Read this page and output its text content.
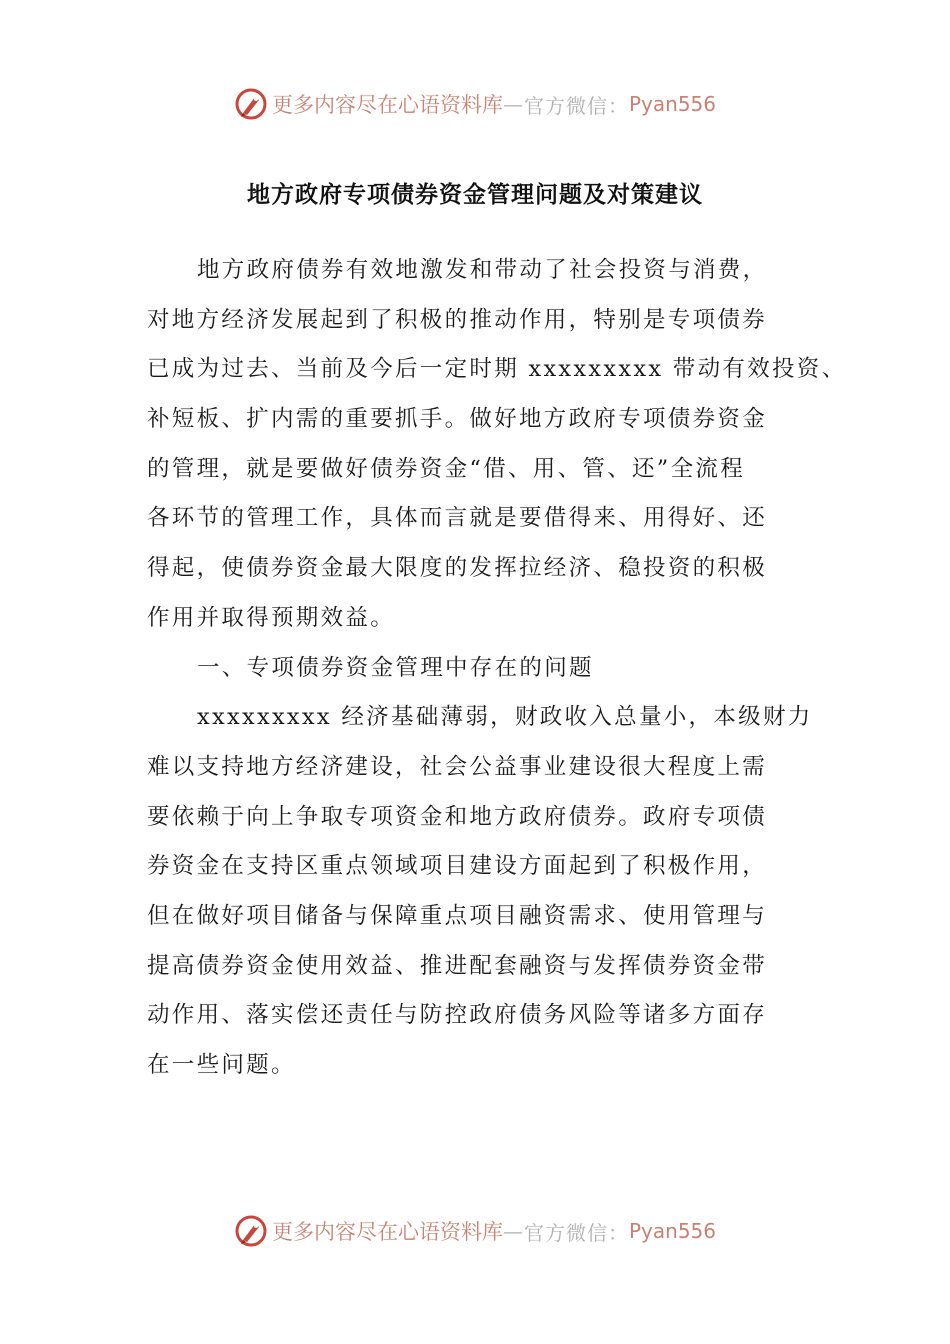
更多内容尽在心语资料库 — 官方微信： Pyan556
地方政府专项债券资金管理问题及对策建议
地方政府债券有效地激发和带动了社会投资与消费，
对地方经济发展起到了积极的推动作用，特别是专项债券
已成为过去、当前及今后一定时期 xxxxxxxxx 带动有效投资、
补短板、扩内需的重要抓手。做好地方政府专项债券资金
的管理，就是要做好债券资金“借、用、管、还”全流程
各环节的管理工作，具体而言就是要借得来、用得好、还
得起，使债券资金最大限度的发挥拉经济、稳投资的积极
作用并取得预期效益。
一、专项债券资金管理中存在的问题
xxxxxxxxx 经济基础薄弱，财政收入总量小，本级财力
难以支持地方经济建设，社会公益事业建设很大程度上需
要依赖于向上争取专项资金和地方政府债券。政府专项债
券资金在支持区重点领域项目建设方面起到了积极作用，
但在做好项目储备与保障重点项目融资需求、使用管理与
提高债券资金使用效益、推进配套融资与发挥债券资金带
动作用、落实偿还责任与防控政府债务风险等诸多方面存
在一些问题。
更多内容尽在心语资料库 — 官方微信： Pyan556
